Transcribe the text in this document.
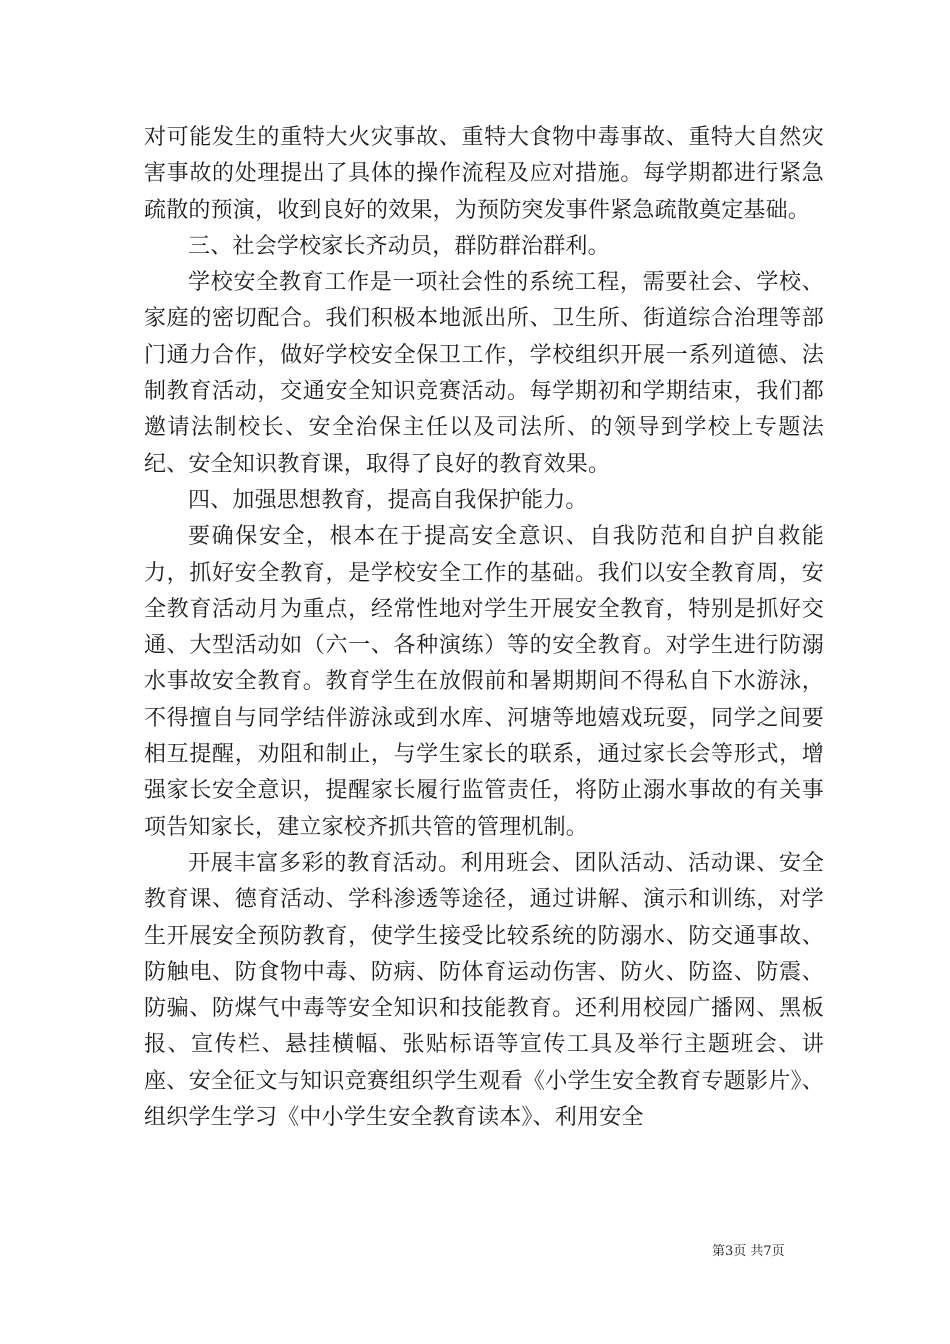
对可能发生的重特大火灾事故、重特大食物中毒事故、重特大自然灾害事故的处理提出了具体的操作流程及应对措施。每学期都进行紧急疏散的预演，收到良好的效果，为预防突发事件紧急疏散奠定基础。

三、社会学校家长齐动员，群防群治群利。

学校安全教育工作是一项社会性的系统工程，需要社会、学校、家庭的密切配合。我们积极本地派出所、卫生所、街道综合治理等部门通力合作，做好学校安全保卫工作，学校组织开展一系列道德、法制教育活动，交通安全知识竞赛活动。每学期初和学期结束，我们都邀请法制校长、安全治保主任以及司法所、的领导到学校上专题法纪、安全知识教育课，取得了良好的教育效果。

四、加强思想教育，提高自我保护能力。

要确保安全，根本在于提高安全意识、自我防范和自护自救能力，抓好安全教育，是学校安全工作的基础。我们以安全教育周，安全教育活动月为重点，经常性地对学生开展安全教育，特别是抓好交通、大型活动如（六一、各种演练）等的安全教育。对学生进行防溺水事故安全教育。教育学生在放假前和暑期期间不得私自下水游泳，不得擅自与同学结伴游泳或到水库、河塘等地嬉戏玩耍，同学之间要相互提醒，劝阻和制止，与学生家长的联系，通过家长会等形式，增强家长安全意识，提醒家长履行监管责任，将防止溺水事故的有关事项告知家长，建立家校齐抓共管的管理机制。

开展丰富多彩的教育活动。利用班会、团队活动、活动课、安全教育课、德育活动、学科渗透等途径，通过讲解、演示和训练，对学生开展安全预防教育，使学生接受比较系统的防溺水、防交通事故、防触电、防食物中毒、防病、防体育运动伤害、防火、防盗、防震、防骗、防煤气中毒等安全知识和技能教育。还利用校园广播网、黑板报、宣传栏、悬挂横幅、张贴标语等宣传工具及举行主题班会、讲座、安全征文与知识竞赛组织学生观看《小学生安全教育专题影片》、组织学生学习《中小学生安全教育读本》、利用安全

第3页 共7页
